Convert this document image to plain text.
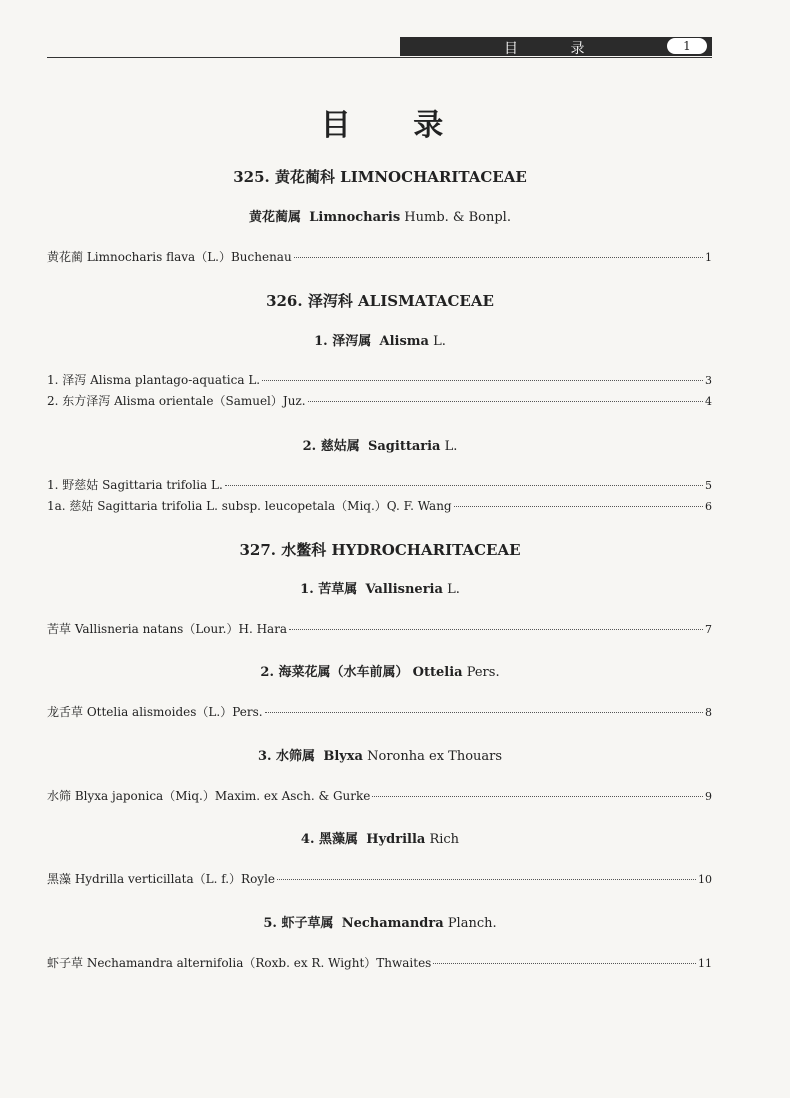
目 录	1
目 录
325. 黄花蔺科 LIMNOCHARITACEAE
黄花蔺属 Limnocharis Humb. & Bonpl.
黄花蔺 Limnocharis flava（L.）Buchenau	1
326. 泽泻科 ALISMATACEAE
1. 泽泻属 Alisma L.
1. 泽泻 Alisma plantago-aquatica L.	3
2. 东方泽泻 Alisma orientale（Samuel）Juz.	4
2. 慈姑属 Sagittaria L.
1. 野慈姑 Sagittaria trifolia L.	5
1a. 慈姑 Sagittaria trifolia L. subsp. leucopetala（Miq.）Q. F. Wang	6
327. 水鳖科 HYDROCHARITACEAE
1. 苦草属 Vallisneria L.
苦草 Vallisneria natans（Lour.）H. Hara	7
2. 海菜花属（水车前属） Ottelia Pers.
龙舌草 Ottelia alismoides（L.）Pers.	8
3. 水筛属 Blyxa Noronha ex Thouars
水筛 Blyxa japonica（Miq.）Maxim. ex Asch. & Gurke	9
4. 黑藻属 Hydrilla Rich
黑藻 Hydrilla verticillata（L. f.）Royle	10
5. 虾子草属 Nechamandra Planch.
虾子草 Nechamandra alternifolia（Roxb. ex R. Wight）Thwaites	11
